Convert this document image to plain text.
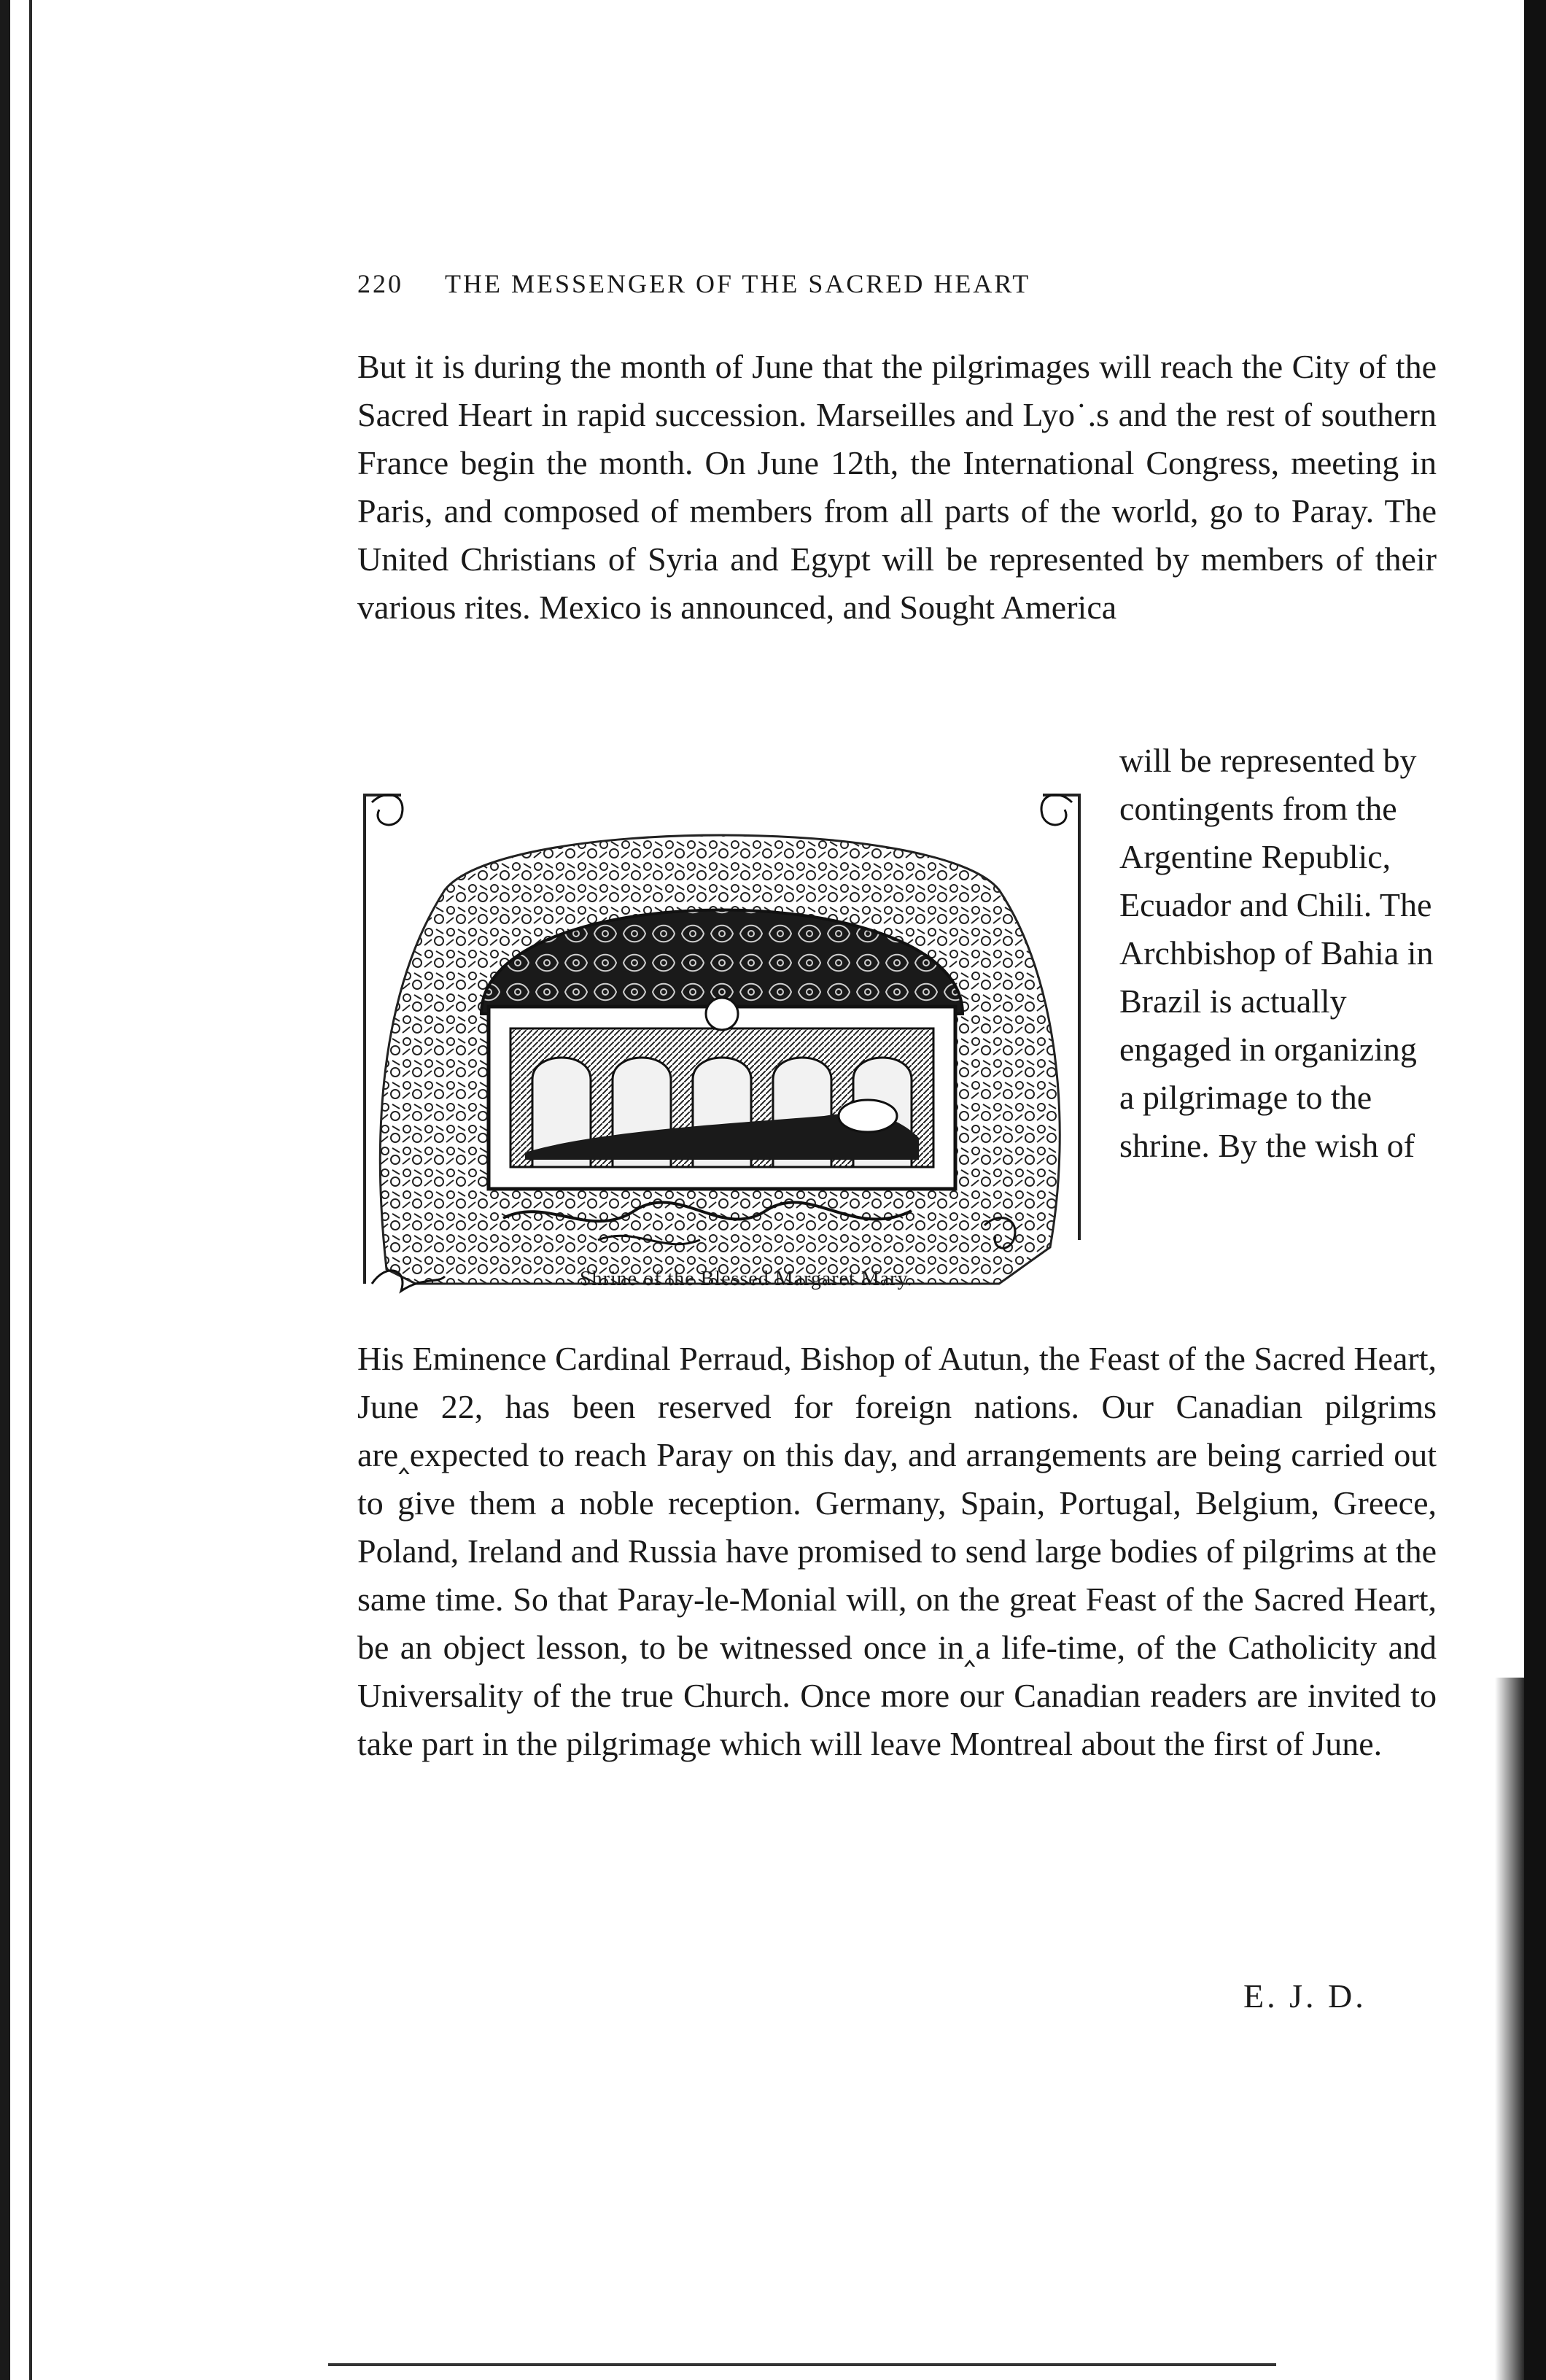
220 THE MESSENGER OF THE SACRED HEART
But it is during the month of June that the pilgrimages will reach the City of the Sacred Heart in rapid succession. Marseilles and Lyo˙.s and the rest of southern France begin the month. On June 12th, the International Congress, meeting in Paris, and composed of members from all parts of the world, go to Paray. The United Christians of Syria and Egypt will be represented by members of their various rites. Mexico is announced, and Sought America
Shrine of the Blessed Margaret Mary.
will be represented by contingents from the Argentine Republic, Ecuador and Chili. The Archbishop of Bahia in Brazil is actually engaged in organizing a pilgrimage to the shrine. By the wish of
His Eminence Cardinal Perraud, Bishop of Autun, the Feast of the Sacred Heart, June 22, has been reserved for foreign nations. Our Canadian pilgrims are‸expected to reach Paray on this day, and arrangements are being carried out to give them a noble reception. Germany, Spain, Portugal, Belgium, Greece, Poland, Ireland and Russia have promised to send large bodies of pilgrims at the same time. So that Paray-le-Monial will, on the great Feast of the Sacred Heart, be an object lesson, to be witnessed once in‸a life-time, of the Catholicity and Universality of the true Church. Once more our Canadian readers are invited to take part in the pilgrimage which will leave Montreal about the first of June.
E. J. D.
